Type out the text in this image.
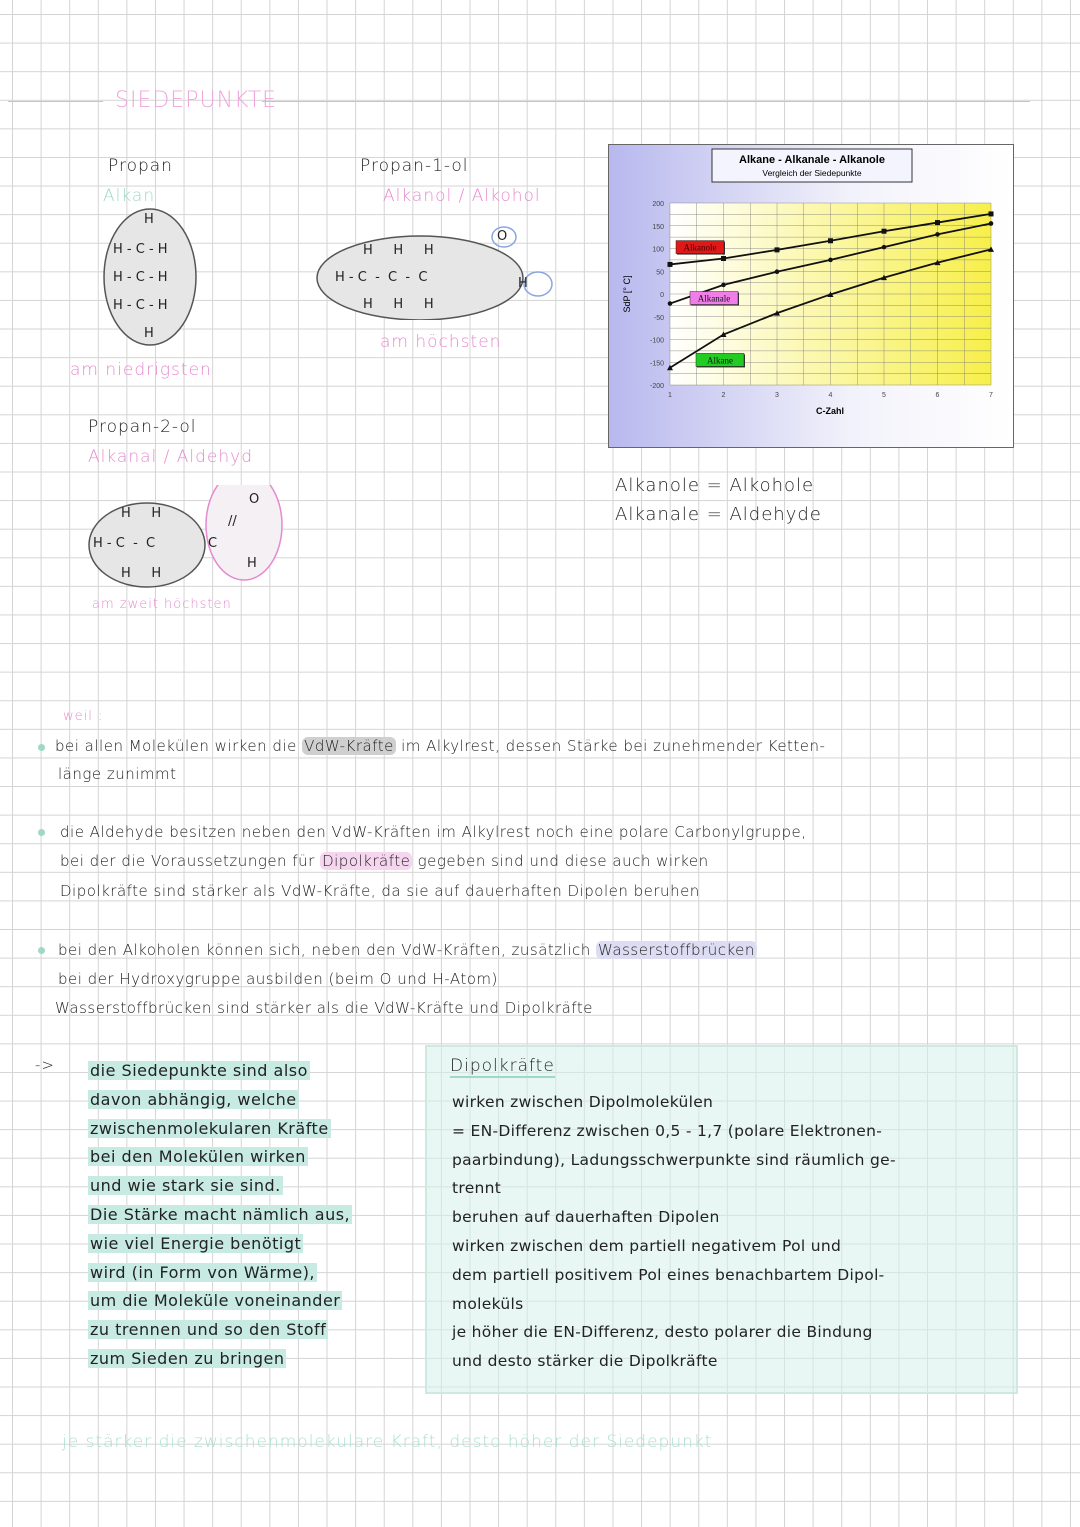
SIEDEPUNKTE
Propan
Alkan
H
H - C - H
H - C - H
H - C - H
H
am niedrigsten
Propan-1-ol
Alkanol / Alkohol
H     H     H
H - C  -  C  -  C
H     H     H
O
H
am höchsten
Propan-2-ol
Alkanal / Aldehyd
H     H
H - C  -  C
H     H
C
O
//
H
am zweit höchsten
Alkane - Alkanale - Alkanole
Vergleich der Siedepunkte
200
150
100
50
0
-50
-100
-150
-200
1	2	3	4	5	6	7
Alkanole
Alkanale
Alkane
C-Zahl
SdP [° C]
Alkanole = Alkohole
Alkanale = Aldehyde
weil :
bei allen Molekülen wirken die VdW-Kräfte im Alkylrest, dessen Stärke bei zunehmender Ketten-
länge zunimmt
die Aldehyde besitzen neben den VdW-Kräften im Alkylrest noch eine polare Carbonylgruppe,
bei der die Voraussetzungen für Dipolkräfte gegeben sind und diese auch wirken
Dipolkräfte sind stärker als VdW-Kräfte, da sie auf dauerhaften Dipolen beruhen
bei den Alkoholen können sich, neben den VdW-Kräften, zusätzlich Wasserstoffbrücken
bei der Hydroxygruppe ausbilden (beim O und H-Atom)
Wasserstoffbrücken sind stärker als die VdW-Kräfte und Dipolkräfte
-> die Siedepunkte sind also
davon abhängig, welche
zwischenmolekularen Kräfte
bei den Molekülen wirken
und wie stark sie sind.
Die Stärke macht nämlich aus,
wie viel Energie benötigt
wird (in Form von Wärme),
um die Moleküle voneinander
zu trennen und so den Stoff
zum Sieden zu bringen
Dipolkräfte
wirken zwischen Dipolmolekülen
= EN-Differenz zwischen 0,5 - 1,7 (polare Elektronen-
paarbindung), Ladungsschwerpunkte sind räumlich ge-
trennt
beruhen auf dauerhaften Dipolen
wirken zwischen dem partiell negativem Pol und
dem partiell positivem Pol eines benachbartem Dipol-
moleküls
je höher die EN-Differenz, desto polarer die Bindung
und desto stärker die Dipolkräfte
je stärker die zwischenmolekulare Kraft, desto höher der Siedepunkt
